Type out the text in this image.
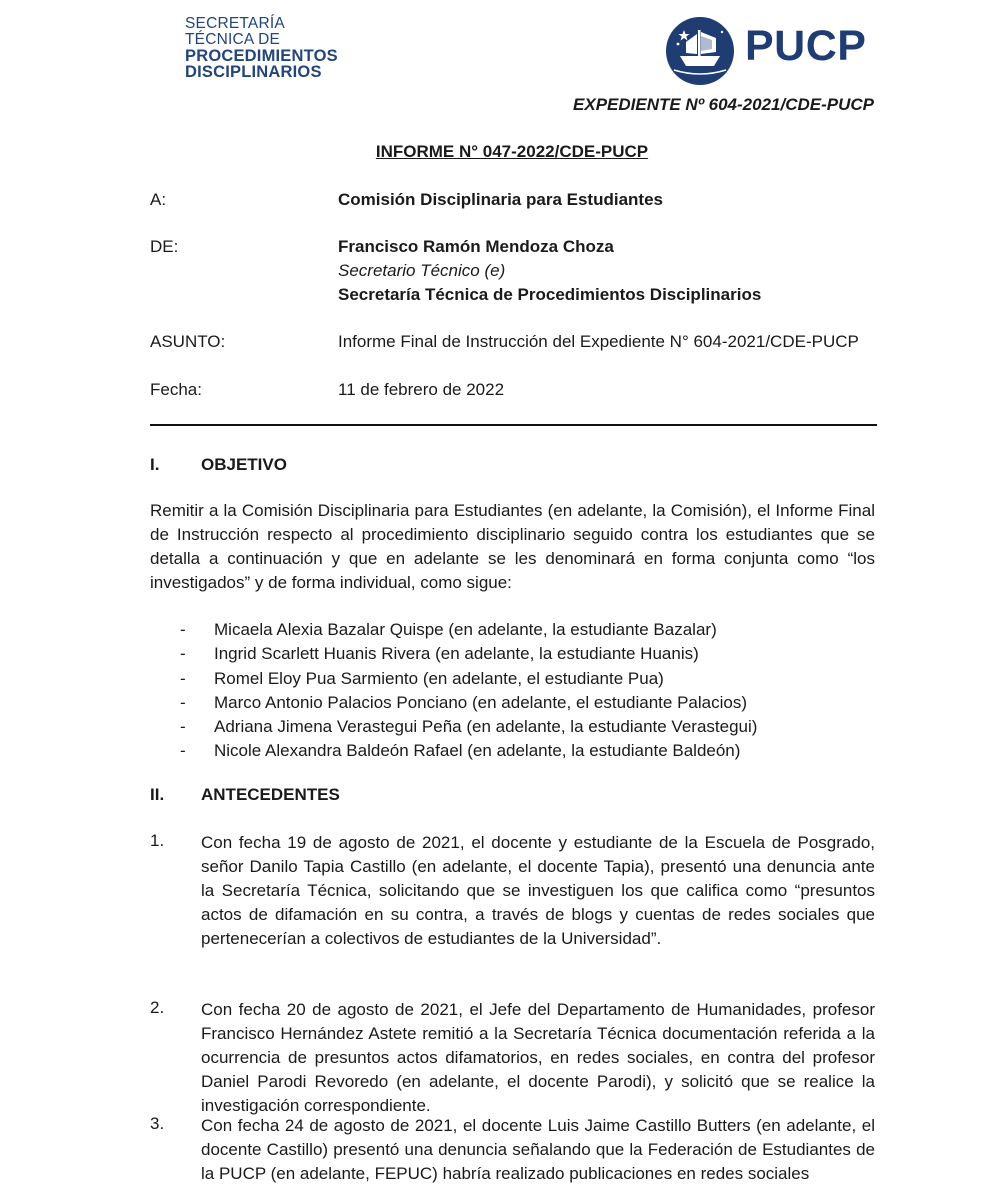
SECRETARÍA
TÉCNICA DE
PROCEDIMIENTOS
DISCIPLINARIOS
PUCP
EXPEDIENTE Nº 604-2021/CDE-PUCP
INFORME N° 047-2022/CDE-PUCP
A:	Comisión Disciplinaria para Estudiantes
DE:	Francisco Ramón Mendoza Choza
Secretario Técnico (e)
Secretaría Técnica de Procedimientos Disciplinarios
ASUNTO:	Informe Final de Instrucción del Expediente N° 604-2021/CDE-PUCP
Fecha:	11 de febrero de 2022
I. OBJETIVO
Remitir a la Comisión Disciplinaria para Estudiantes (en adelante, la Comisión), el Informe Final de Instrucción respecto al procedimiento disciplinario seguido contra los estudiantes que se detalla a continuación y que en adelante se les denominará en forma conjunta como “los investigados” y de forma individual, como sigue:
-	Micaela Alexia Bazalar Quispe (en adelante, la estudiante Bazalar)
-	Ingrid Scarlett Huanis Rivera (en adelante, la estudiante Huanis)
-	Romel Eloy Pua Sarmiento (en adelante, el estudiante Pua)
-	Marco Antonio Palacios Ponciano (en adelante, el estudiante Palacios)
-	Adriana Jimena Verastegui Peña (en adelante, la estudiante Verastegui)
-	Nicole Alexandra Baldeón Rafael (en adelante, la estudiante Baldeón)
II. ANTECEDENTES
1. Con fecha 19 de agosto de 2021, el docente y estudiante de la Escuela de Posgrado, señor Danilo Tapia Castillo (en adelante, el docente Tapia), presentó una denuncia ante la Secretaría Técnica, solicitando que se investiguen los que califica como “presuntos actos de difamación en su contra, a través de blogs y cuentas de redes sociales que pertenecerían a colectivos de estudiantes de la Universidad”.
2. Con fecha 20 de agosto de 2021, el Jefe del Departamento de Humanidades, profesor Francisco Hernández Astete remitió a la Secretaría Técnica documentación referida a la ocurrencia de presuntos actos difamatorios, en redes sociales, en contra del profesor Daniel Parodi Revoredo (en adelante, el docente Parodi), y solicitó que se realice la investigación correspondiente.
3. Con fecha 24 de agosto de 2021, el docente Luis Jaime Castillo Butters (en adelante, el docente Castillo) presentó una denuncia señalando que la Federación de Estudiantes de la PUCP (en adelante, FEPUC) habría realizado publicaciones en redes sociales
